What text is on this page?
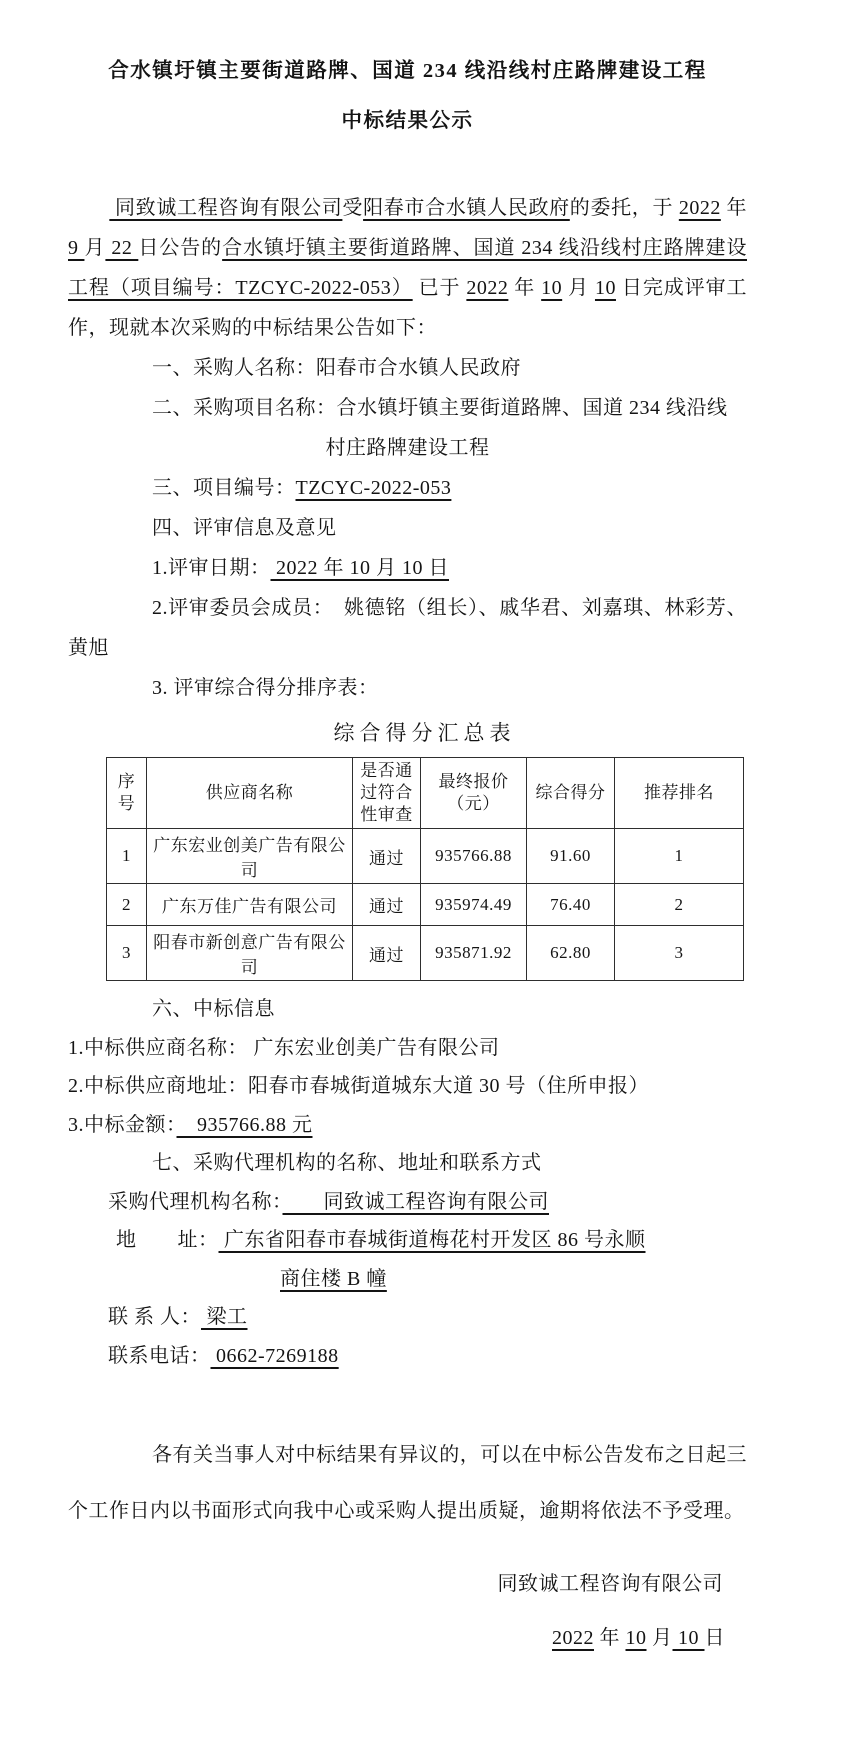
合水镇圩镇主要街道路牌、国道 234 线沿线村庄路牌建设工程
中标结果公示

　　 同致诚工程咨询有限公司受阳春市合水镇人民政府的委托，于 2022 年 9 月 22 日公告的合水镇圩镇主要街道路牌、国道 234 线沿线村庄路牌建设工程（项目编号：TZCYC-2022-053） 已于 2022 年 10 月 10 日完成评审工作，现就本次采购的中标结果公告如下：

一、采购人名称：阳春市合水镇人民政府
二、采购项目名称：合水镇圩镇主要街道路牌、国道 234 线沿线
村庄路牌建设工程
三、项目编号：TZCYC-2022-053
四、评审信息及意见
1.评审日期： 2022 年 10 月 10 日
2.评审委员会成员：　姚德铭（组长）、戚华君、刘嘉琪、林彩芳、黄旭
3. 评审综合得分排序表：
综合得分汇总表
序号	供应商名称	是否通过符合性审查	最终报价（元）	综合得分	推荐排名
1	广东宏业创美广告有限公司	通过	935766.88	91.60	1
2	广东万佳广告有限公司	通过	935974.49	76.40	2
3	阳春市新创意广告有限公司	通过	935871.92	62.80	3
六、中标信息
1.中标供应商名称： 广东宏业创美广告有限公司
2.中标供应商地址：阳春市春城街道城东大道 30 号（住所申报）
3.中标金额：　935766.88 元
七、采购代理机构的名称、地址和联系方式
采购代理机构名称：　　同致诚工程咨询有限公司
地　　址： 广东省阳春市春城街道梅花村开发区 86 号永顺
商住楼 B 幢
联 系 人： 梁工
联系电话： 0662-7269188

各有关当事人对中标结果有异议的，可以在中标公告发布之日起三个工作日内以书面形式向我中心或采购人提出质疑，逾期将依法不予受理。

同致诚工程咨询有限公司
2022 年 10 月 10 日
